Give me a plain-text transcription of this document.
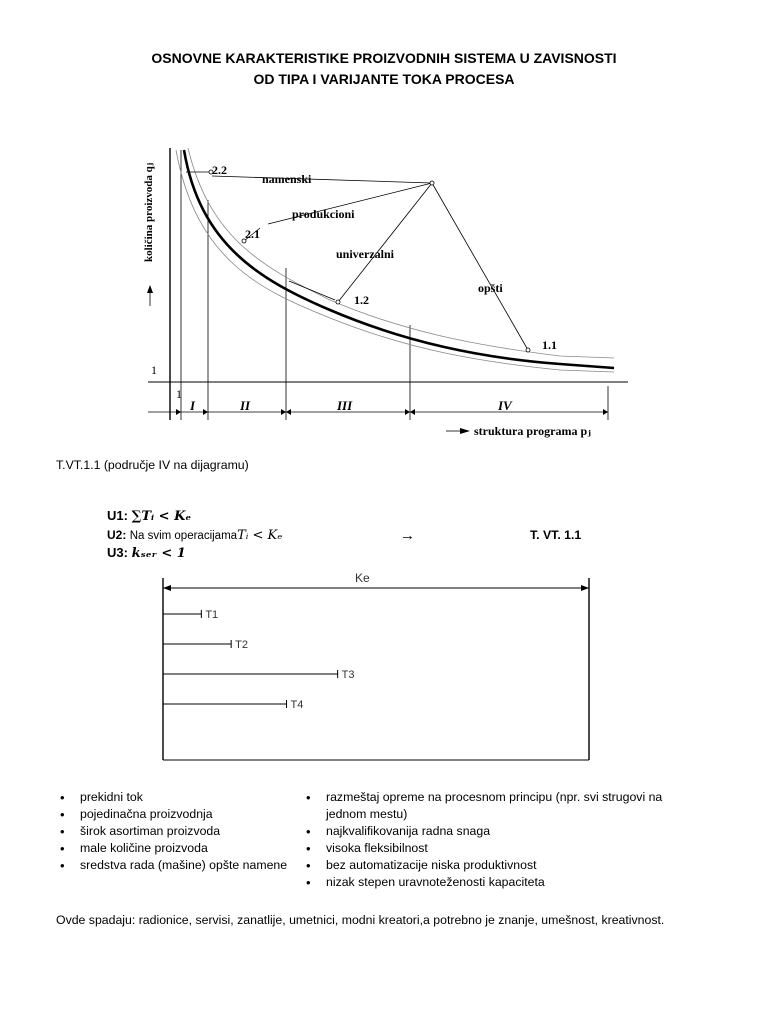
OSNOVNE KARAKTERISTIKE PROIZVODNIH SISTEMA U ZAVISNOSTI
OD TIPA I VARIJANTE TOKA PROCESA
količina proizvoda qⱼ	2.2
namenski
produkcioni
2.1
univerzalni
opšti
1.2
1.1
1
1
I	II	III	IV
struktura programa pⱼ
T.VT.1.1 (područje IV na dijagramu)
U1: ∑Tᵢ < Kₑ
U2: Na svim operacijamaTᵢ < Kₑ	→	T. VT. 1.1
U3: kₛₑᵣ < 1
Ke
T1
T2
T3
T4
• prekidni tok
• pojedinačna proizvodnja
• širok asortiman proizvoda
• male količine proizvoda
• sredstva rada (mašine) opšte namene
• razmeštaj opreme na procesnom principu (npr. svi strugovi na jednom mestu)
• najkvalifikovanija radna snaga
• visoka fleksibilnost
• bez automatizacije niska produktivnost
• nizak stepen uravnoteženosti kapaciteta
Ovde spadaju: radionice, servisi, zanatlije, umetnici, modni kreatori,a potrebno je znanje, umešnost, kreativnost.
